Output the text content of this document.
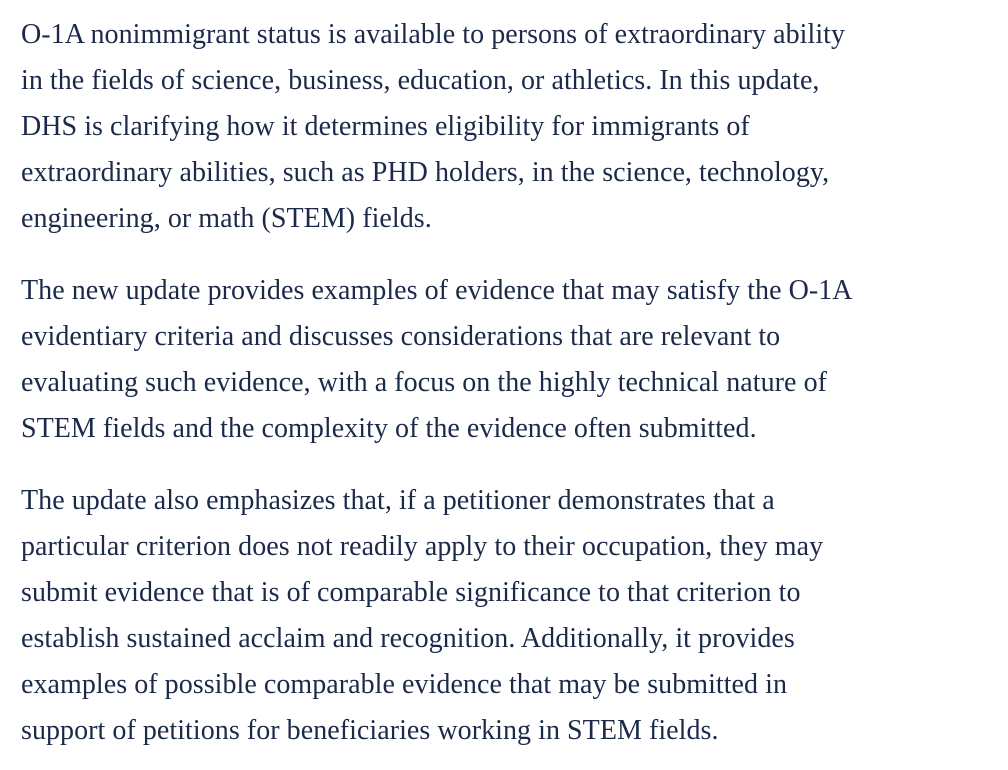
O-1A nonimmigrant status is available to persons of extraordinary ability
in the fields of science, business, education, or athletics. In this update,
DHS is clarifying how it determines eligibility for immigrants of
extraordinary abilities, such as PHD holders, in the science, technology,
engineering, or math (STEM) fields.

The new update provides examples of evidence that may satisfy the O-1A
evidentiary criteria and discusses considerations that are relevant to
evaluating such evidence, with a focus on the highly technical nature of
STEM fields and the complexity of the evidence often submitted.

The update also emphasizes that, if a petitioner demonstrates that a
particular criterion does not readily apply to their occupation, they may
submit evidence that is of comparable significance to that criterion to
establish sustained acclaim and recognition. Additionally, it provides
examples of possible comparable evidence that may be submitted in
support of petitions for beneficiaries working in STEM fields.
